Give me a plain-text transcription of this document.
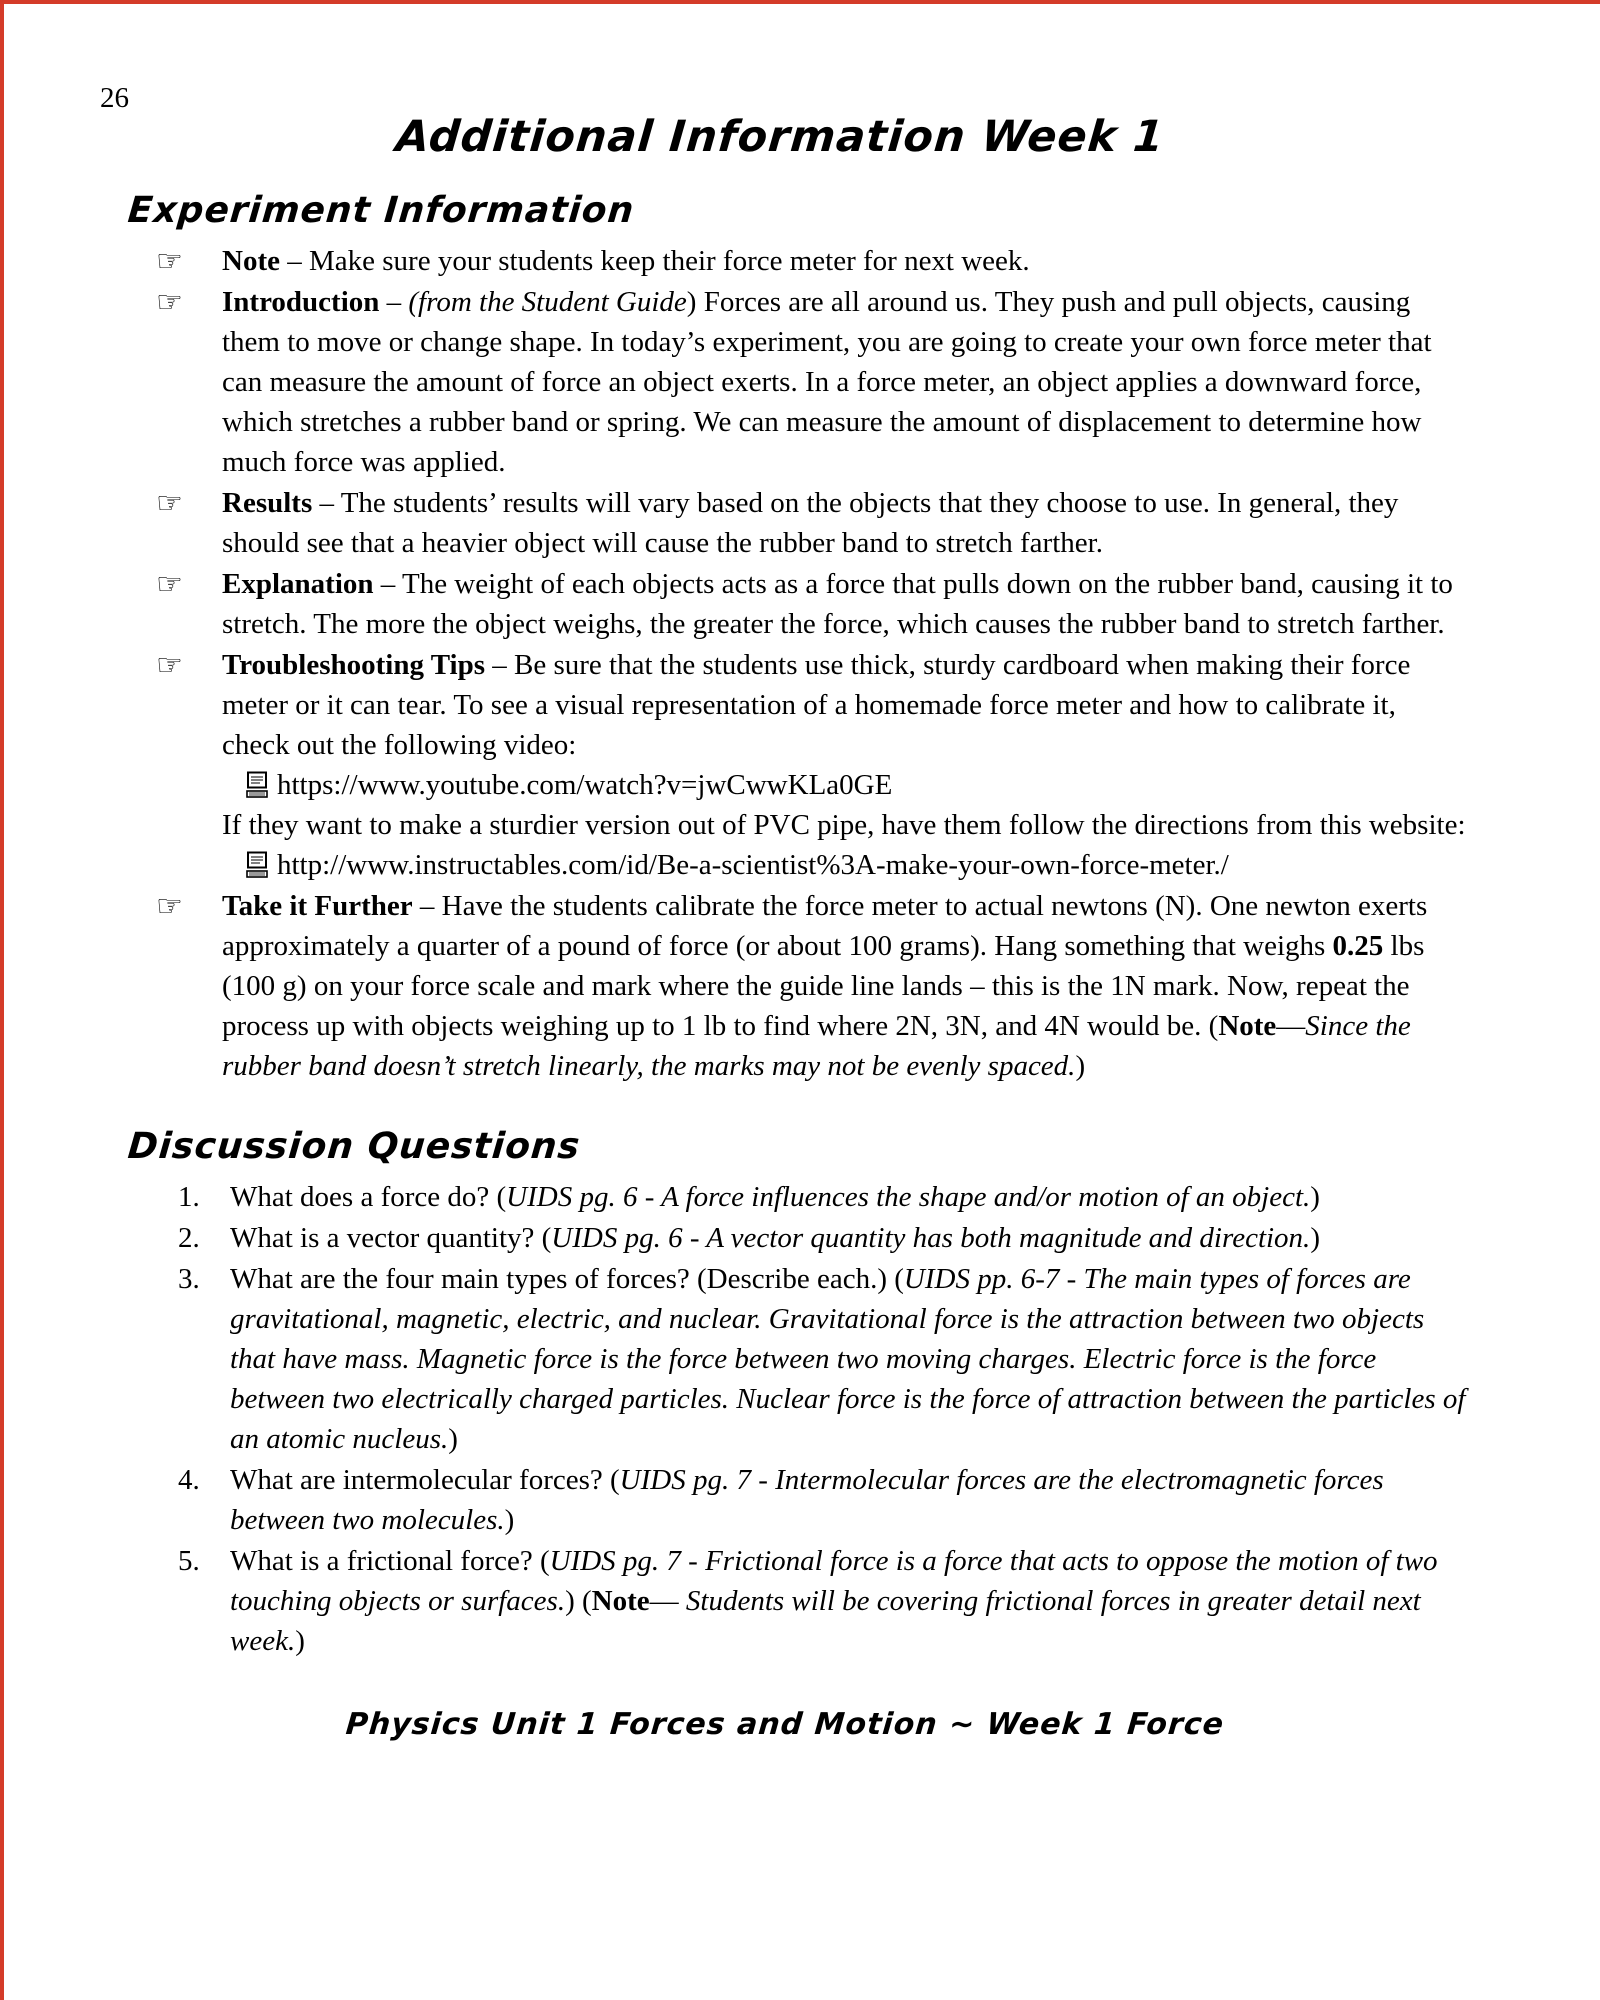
26
Additional Information Week 1
Experiment Information
☞ Note – Make sure your students keep their force meter for next week.
☞ Introduction – (from the Student Guide) Forces are all around us. They push and pull objects, causing them to move or change shape. In today’s experiment, you are going to create your own force meter that can measure the amount of force an object exerts. In a force meter, an object applies a downward force, which stretches a rubber band or spring. We can measure the amount of displacement to determine how much force was applied.
☞ Results – The students’ results will vary based on the objects that they choose to use. In general, they should see that a heavier object will cause the rubber band to stretch farther.
☞ Explanation – The weight of each objects acts as a force that pulls down on the rubber band, causing it to stretch. The more the object weighs, the greater the force, which causes the rubber band to stretch farther.
☞ Troubleshooting Tips – Be sure that the students use thick, sturdy cardboard when making their force meter or it can tear. To see a visual representation of a homemade force meter and how to calibrate it, check out the following video:
https://www.youtube.com/watch?v=jwCwwKLa0GE
If they want to make a sturdier version out of PVC pipe, have them follow the directions from this website:
http://www.instructables.com/id/Be-a-scientist%3A-make-your-own-force-meter./
☞ Take it Further – Have the students calibrate the force meter to actual newtons (N). One newton exerts approximately a quarter of a pound of force (or about 100 grams). Hang something that weighs 0.25 lbs (100 g) on your force scale and mark where the guide line lands – this is the 1N mark. Now, repeat the process up with objects weighing up to 1 lb to find where 2N, 3N, and 4N would be. (Note—Since the rubber band doesn’t stretch linearly, the marks may not be evenly spaced.)
Discussion Questions
1. What does a force do? (UIDS pg. 6 - A force influences the shape and/or motion of an object.)
2. What is a vector quantity? (UIDS pg. 6 - A vector quantity has both magnitude and direction.)
3. What are the four main types of forces? (Describe each.) (UIDS pp. 6-7 - The main types of forces are gravitational, magnetic, electric, and nuclear. Gravitational force is the attraction between two objects that have mass. Magnetic force is the force between two moving charges. Electric force is the force between two electrically charged particles. Nuclear force is the force of attraction between the particles of an atomic nucleus.)
4. What are intermolecular forces? (UIDS pg. 7 - Intermolecular forces are the electromagnetic forces between two molecules.)
5. What is a frictional force? (UIDS pg. 7 - Frictional force is a force that acts to oppose the motion of two touching objects or surfaces.) (Note— Students will be covering frictional forces in greater detail next week.)
Physics Unit 1 Forces and Motion ~ Week 1 Force
